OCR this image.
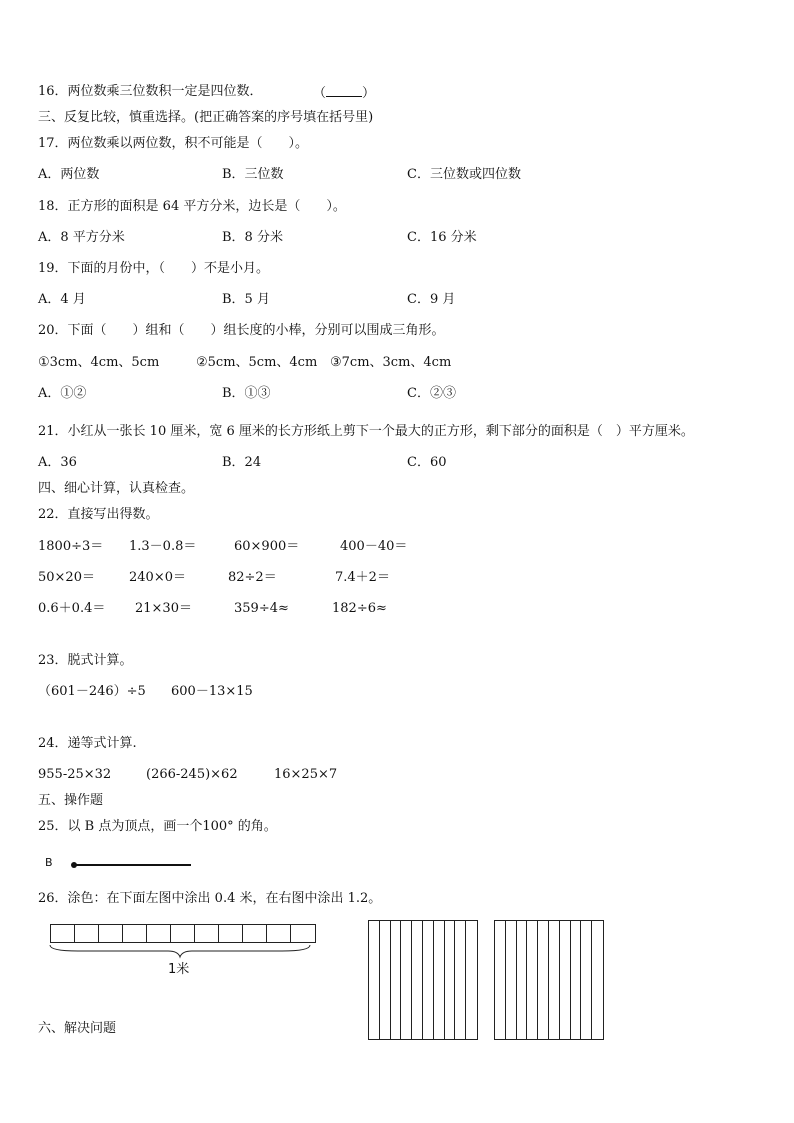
16．两位数乘三位数积一定是四位数．	（	）
三、反复比较，慎重选择。(把正确答案的序号填在括号里)
17．两位数乘以两位数，积不可能是（　　）。
A．两位数	B．三位数	C．三位数或四位数
18．正方形的面积是 64 平方分米，边长是（　　）。
A．8 平方分米	B．8 分米	C．16 分米
19．下面的月份中，（　　）不是小月。
A．4 月	B．5 月	C．9 月
20．下面（　　）组和（　　）组长度的小棒，分别可以围成三角形。
①3cm、4cm、5cm	②5cm、5cm、4cm ③7cm、3cm、4cm
A．①②	B．①③	C．②③
21．小红从一张长 10 厘米，宽 6 厘米的长方形纸上剪下一个最大的正方形，剩下部分的面积是（　）平方厘米。
A．36	B．24	C．60
四、细心计算，认真检查。
22．直接写出得数。
1800÷3＝ 1.3－0.8＝	60×900＝	400－40＝
50×20＝	240×0＝	82÷2＝	7.4＋2＝
0.6＋0.4＝ 21×30＝	359÷4≈	182÷6≈
23．脱式计算。
（601－246）÷5 600－13×15
24．递等式计算.
955-25×32	(266-245)×62	16×25×7
五、操作题
25．以 B 点为顶点，画一个100° 的角。
B
26．涂色：在下面左图中涂出 0.4 米，在右图中涂出 1.2。
1米
六、解决问题
